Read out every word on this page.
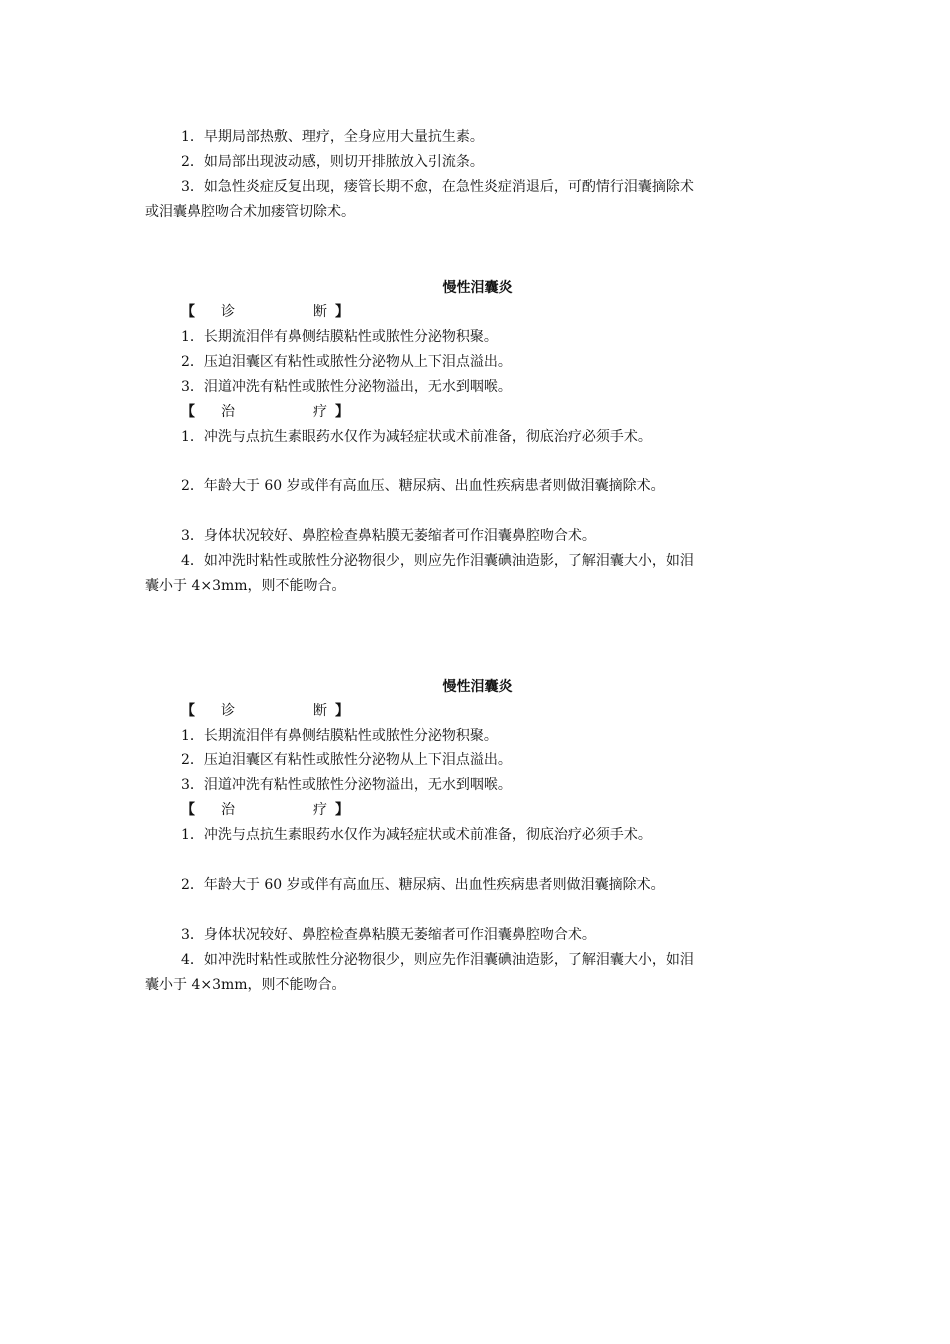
1．早期局部热敷、理疗，全身应用大量抗生素。
2．如局部出现波动感，则切开排脓放入引流条。
3．如急性炎症反复出现，瘘管长期不愈，在急性炎症消退后，可酌情行泪囊摘除术
或泪囊鼻腔吻合术加瘘管切除术。
慢性泪囊炎
【 诊	断 】
1．长期流泪伴有鼻侧结膜粘性或脓性分泌物积聚。
2．压迫泪囊区有粘性或脓性分泌物从上下泪点溢出。
3．泪道冲洗有粘性或脓性分泌物溢出，无水到咽喉。
【 治	疗 】
1．冲洗与点抗生素眼药水仅作为减轻症状或术前准备，彻底治疗必须手术。
2．年龄大于 60 岁或伴有高血压、糖尿病、出血性疾病患者则做泪囊摘除术。
3．身体状况较好、鼻腔检查鼻粘膜无萎缩者可作泪囊鼻腔吻合术。
4．如冲洗时粘性或脓性分泌物很少，则应先作泪囊碘油造影，了解泪囊大小，如泪
囊小于 4×3mm，则不能吻合。
慢性泪囊炎
【 诊	断 】
1．长期流泪伴有鼻侧结膜粘性或脓性分泌物积聚。
2．压迫泪囊区有粘性或脓性分泌物从上下泪点溢出。
3．泪道冲洗有粘性或脓性分泌物溢出，无水到咽喉。
【 治	疗 】
1．冲洗与点抗生素眼药水仅作为减轻症状或术前准备，彻底治疗必须手术。
2．年龄大于 60 岁或伴有高血压、糖尿病、出血性疾病患者则做泪囊摘除术。
3．身体状况较好、鼻腔检查鼻粘膜无萎缩者可作泪囊鼻腔吻合术。
4．如冲洗时粘性或脓性分泌物很少，则应先作泪囊碘油造影，了解泪囊大小，如泪
囊小于 4×3mm，则不能吻合。
